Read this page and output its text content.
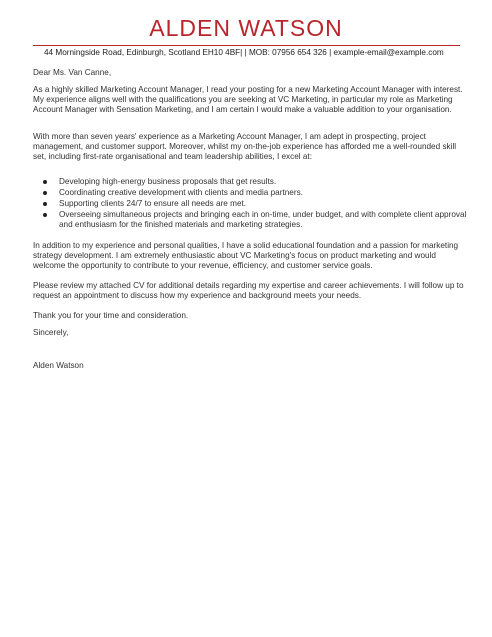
ALDEN WATSON
44 Morningside Road, Edinburgh, Scotland EH10 4BF| | MOB: 07956 654 326 | example-email@example.com

Dear Ms. Van Canne,

As a highly skilled Marketing Account Manager, I read your posting for a new Marketing Account Manager with interest. My experience aligns well with the qualifications you are seeking at VC Marketing, in particular my role as Marketing Account Manager with Sensation Marketing, and I am certain I would make a valuable addition to your organisation.

With more than seven years' experience as a Marketing Account Manager, I am adept in prospecting, project management, and customer support. Moreover, whilst my on-the-job experience has afforded me a well-rounded skill set, including first-rate organisational and team leadership abilities, I excel at:

Developing high-energy business proposals that get results.
Coordinating creative development with clients and media partners.
Supporting clients 24/7 to ensure all needs are met.
Overseeing simultaneous projects and bringing each in on-time, under budget, and with complete client approval and enthusiasm for the finished materials and marketing strategies.

In addition to my experience and personal qualities, I have a solid educational foundation and a passion for marketing strategy development. I am extremely enthusiastic about VC Marketing's focus on product marketing and would welcome the opportunity to contribute to your revenue, efficiency, and customer service goals.

Please review my attached CV for additional details regarding my expertise and career achievements. I will follow up to request an appointment to discuss how my experience and background meets your needs.

Thank you for your time and consideration.

Sincerely,

Alden Watson
